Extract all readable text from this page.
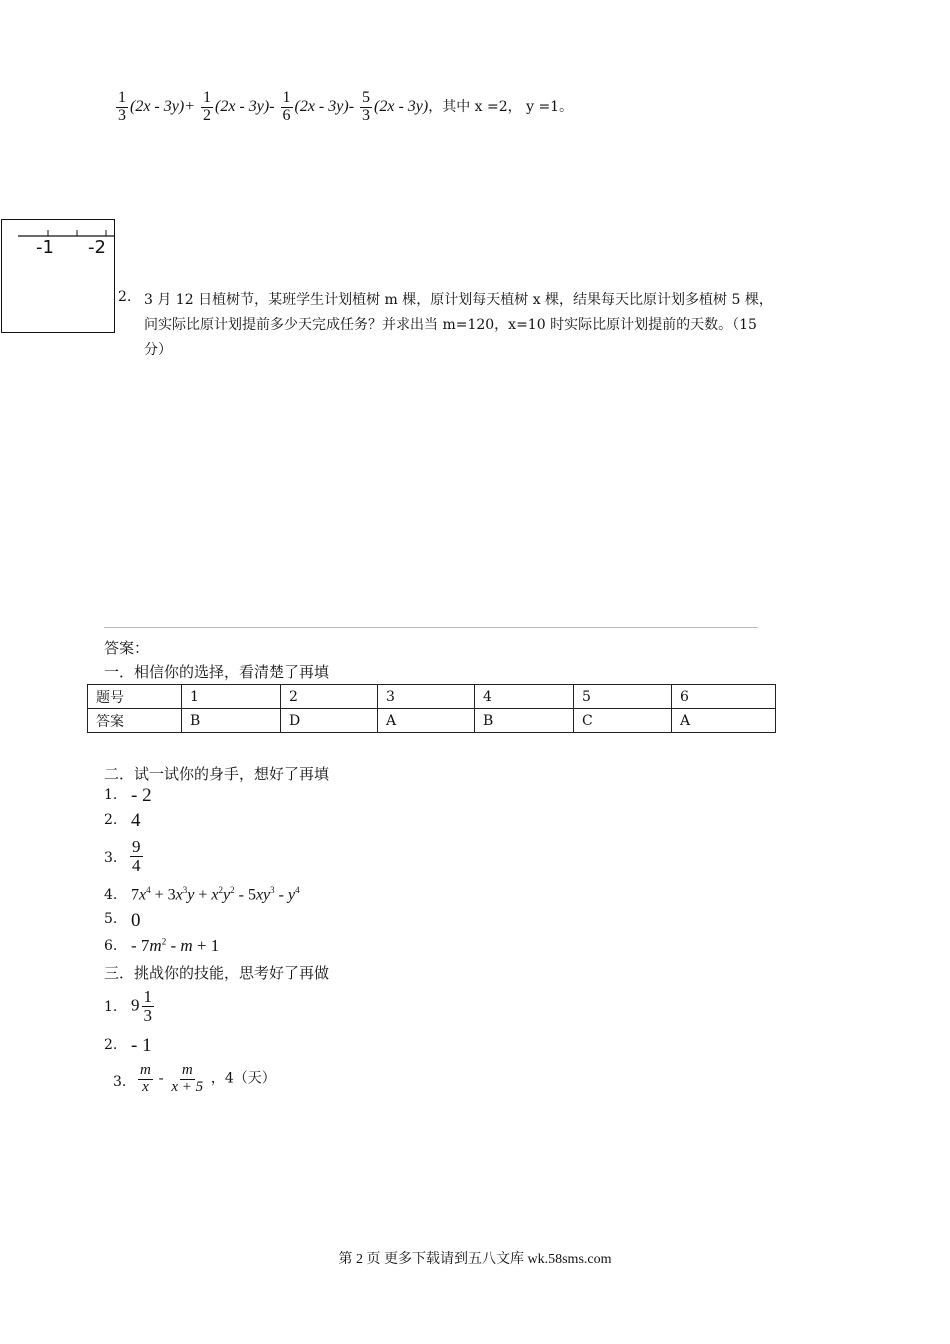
$\frac{1}{3} (2x - 3y)+ \frac{1}{2} (2x - 3y)- \frac{1}{6} (2x - 3y)- \frac{5}{3} (2x - 3y)$，其中 x =2， y =1。
-1 -2
2. 3 月 12 日植树节，某班学生计划植树 m 棵，原计划每天植树 x 棵，结果每天比原计划多植树 5 棵，
问实际比原计划提前多少天完成任务？并求出当 m=120，x=10 时实际比原计划提前的天数。（15
分）
答案：
一．相信你的选择，看清楚了再填
题号	1	2	3	4	5	6
答案	B	D	A	B	C	A
二．试一试你的身手，想好了再填
1. - 2
2. 4
3. $\frac{9}{4}$
4. $7x^4 + 3x^3y + x^2y^2 - 5xy^3 - y^4$
5. 0
6. - $7m^2 - m + 1$
三．挑战你的技能，思考好了再做
1. $9 \frac{1}{3}$
2. - 1
3. $\frac{m}{x} - \frac{m}{x + 5}$ ，4（天）
第 2 页 更多下载请到五八文库 wk.58sms.com
